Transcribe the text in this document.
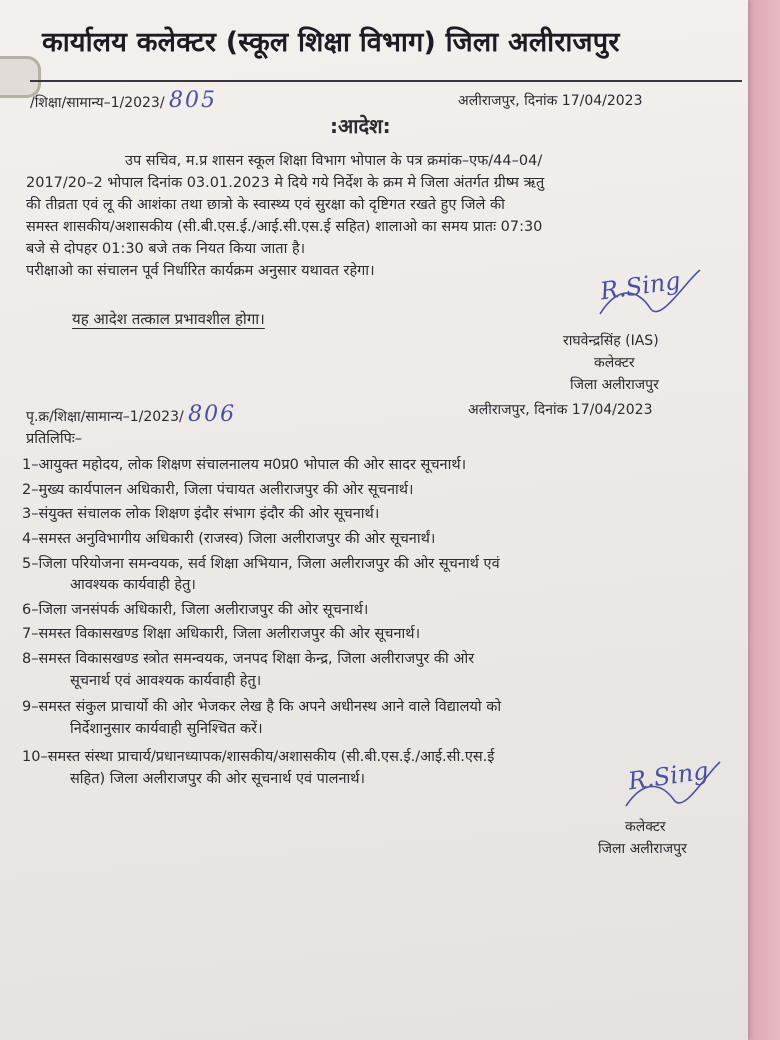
कार्यालय कलेक्टर (स्कूल शिक्षा विभाग) जिला अलीराजपुर
/शिक्षा/सामान्य–1/2023/ 805	अलीराजपुर, दिनांक 17/04/2023
:आदेश:
उप सचिव, म.प्र शासन स्कूल शिक्षा विभाग भोपाल के पत्र क्रमांक–एफ/44–04/
2017/20–2 भोपाल दिनांक 03.01.2023 मे दिये गये निर्देश के क्रम मे जिला अंतर्गत ग्रीष्म ऋतु
की तीव्रता एवं लू की आशंका तथा छात्रो के स्वास्थ्य एवं सुरक्षा को दृष्टिगत रखते हुए जिले की
समस्त शासकीय/अशासकीय (सी.बी.एस.ई./आई.सी.एस.ई सहित) शालाओ का समय प्रातः 07:30
बजे से दोपहर 01:30 बजे तक नियत किया जाता है।
परीक्षाओ का संचालन पूर्व निर्धारित कार्यक्रम अनुसार यथावत रहेगा।
यह आदेश तत्काल प्रभावशील होगा।
R.Sing
राघवेन्द्रसिंह (IAS)
कलेक्टर
जिला अलीराजपुर
पृ.क्र/शिक्षा/सामान्य–1/2023/ 806	अलीराजपुर, दिनांक 17/04/2023
प्रतिलिपिः–
1–आयुक्त महोदय, लोक शिक्षण संचालनालय म0प्र0 भोपाल की ओर सादर सूचनार्थ।
2–मुख्य कार्यपालन अधिकारी, जिला पंचायत अलीराजपुर की ओर सूचनार्थ।
3–संयुक्त संचालक लोक शिक्षण इंदौर संभाग इंदौर की ओर सूचनार्थ।
4–समस्त अनुविभागीय अधिकारी (राजस्व) जिला अलीराजपुर की ओर सूचनार्थं।
5–जिला परियोजना समन्वयक, सर्व शिक्षा अभियान, जिला अलीराजपुर की ओर सूचनार्थ एवं
आवश्यक कार्यवाही हेतु।
6–जिला जनसंपर्क अधिकारी, जिला अलीराजपुर की ओर सूचनार्थ।
7–समस्त विकासखण्ड शिक्षा अधिकारी, जिला अलीराजपुर की ओर सूचनार्थ।
8–समस्त विकासखण्ड स्त्रोत समन्वयक, जनपद शिक्षा केन्द्र, जिला अलीराजपुर की ओर
सूचनार्थ एवं आवश्यक कार्यवाही हेतु।
9–समस्त संकुल प्राचार्यो की ओर भेजकर लेख है कि अपने अधीनस्थ आने वाले विद्यालयो को
निर्देशानुसार कार्यवाही सुनिश्चित करें।
10–समस्त संस्था प्राचार्य/प्रधानध्यापक/शासकीय/अशासकीय (सी.बी.एस.ई./आई.सी.एस.ई
सहित) जिला अलीराजपुर की ओर सूचनार्थ एवं पालनार्थ।	R.Sing
कलेक्टर
जिला अलीराजपुर
